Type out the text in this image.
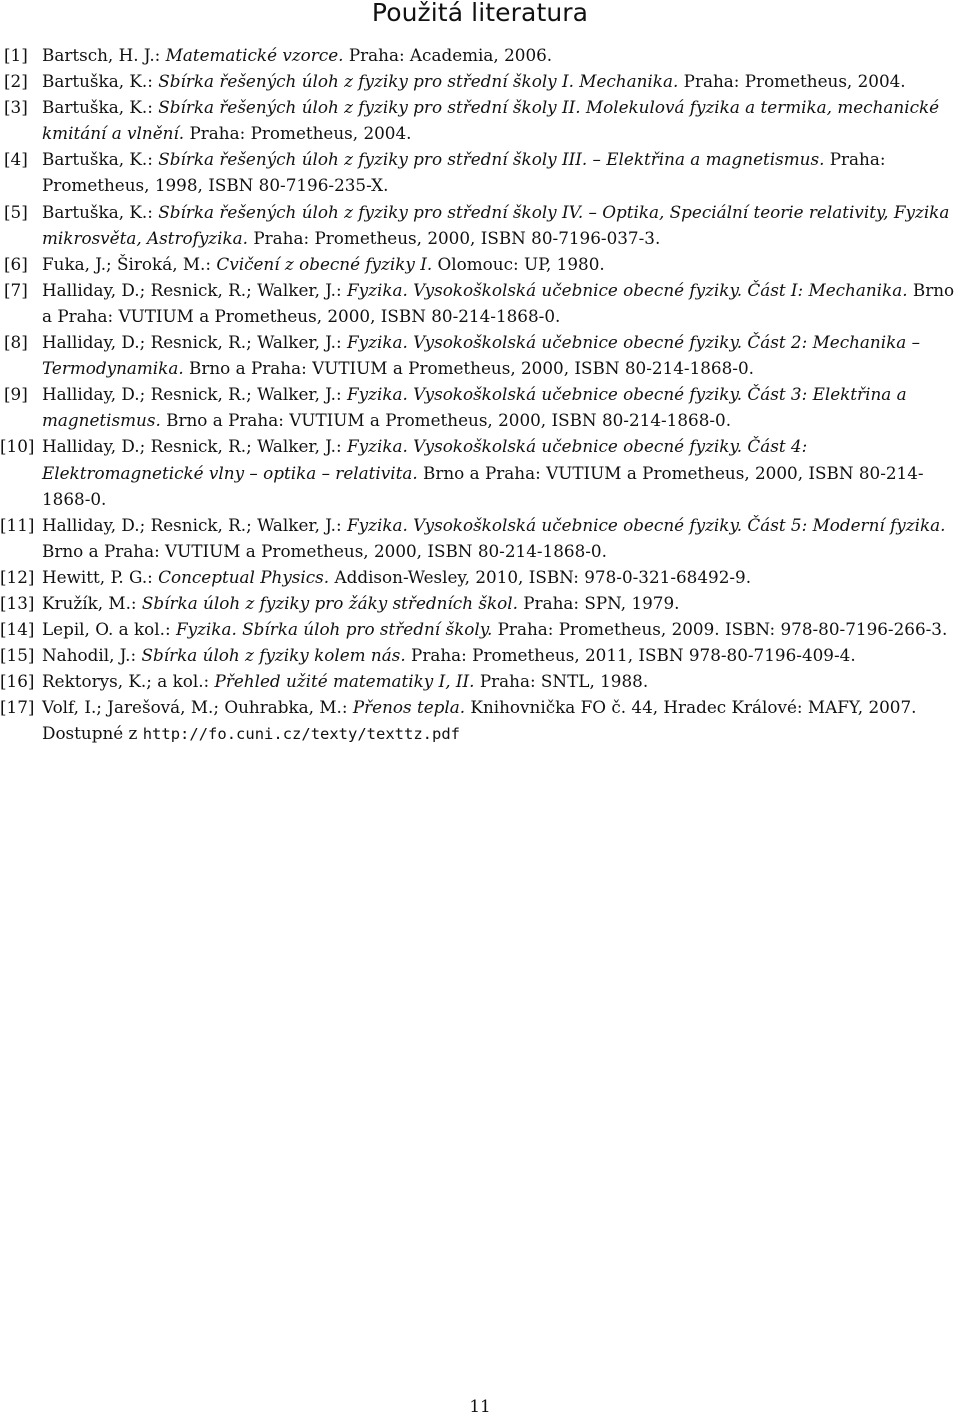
Použitá literatura
[1] Bartsch, H. J.: Matematické vzorce. Praha: Academia, 2006.
[2] Bartuška, K.: Sbírka řešených úloh z fyziky pro střední školy I. Mechanika. Praha: Prometheus, 2004.
[3] Bartuška, K.: Sbírka řešených úloh z fyziky pro střední školy II. Molekulová fyzika a termika, mechanické kmitání a vlnění. Praha: Prometheus, 2004.
[4] Bartuška, K.: Sbírka řešených úloh z fyziky pro střední školy III. – Elektřina a magnetismus. Praha: Prometheus, 1998, ISBN 80-7196-235-X.
[5] Bartuška, K.: Sbírka řešených úloh z fyziky pro střední školy IV. – Optika, Speciální teorie relativity, Fyzika mikrosvěta, Astrofyzika. Praha: Prometheus, 2000, ISBN 80-7196-037-3.
[6] Fuka, J.; Široká, M.: Cvičení z obecné fyziky I. Olomouc: UP, 1980.
[7] Halliday, D.; Resnick, R.; Walker, J.: Fyzika. Vysokoškolská učebnice obecné fyziky. Část I: Mechanika. Brno a Praha: VUTIUM a Prometheus, 2000, ISBN 80-214-1868-0.
[8] Halliday, D.; Resnick, R.; Walker, J.: Fyzika. Vysokoškolská učebnice obecné fyziky. Část 2: Mechanika – Termodynamika. Brno a Praha: VUTIUM a Prometheus, 2000, ISBN 80-214-1868-0.
[9] Halliday, D.; Resnick, R.; Walker, J.: Fyzika. Vysokoškolská učebnice obecné fyziky. Část 3: Elektřina a magnetismus. Brno a Praha: VUTIUM a Prometheus, 2000, ISBN 80-214-1868-0.
[10] Halliday, D.; Resnick, R.; Walker, J.: Fyzika. Vysokoškolská učebnice obecné fyziky. Část 4: Elektromagnetické vlny – optika – relativita. Brno a Praha: VUTIUM a Prometheus, 2000, ISBN 80-214-1868-0.
[11] Halliday, D.; Resnick, R.; Walker, J.: Fyzika. Vysokoškolská učebnice obecné fyziky. Část 5: Moderní fyzika. Brno a Praha: VUTIUM a Prometheus, 2000, ISBN 80-214-1868-0.
[12] Hewitt, P. G.: Conceptual Physics. Addison-Wesley, 2010, ISBN: 978-0-321-68492-9.
[13] Kružík, M.: Sbírka úloh z fyziky pro žáky středních škol. Praha: SPN, 1979.
[14] Lepil, O. a kol.: Fyzika. Sbírka úloh pro střední školy. Praha: Prometheus, 2009. ISBN: 978-80-7196-266-3.
[15] Nahodil, J.: Sbírka úloh z fyziky kolem nás. Praha: Prometheus, 2011, ISBN 978-80-7196-409-4.
[16] Rektorys, K.; a kol.: Přehled užité matematiky I, II. Praha: SNTL, 1988.
[17] Volf, I.; Jarešová, M.; Ouhrabka, M.: Přenos tepla. Knihovnička FO č. 44, Hradec Králové: MAFY, 2007. Dostupné z http://fo.cuni.cz/texty/texttz.pdf
11
